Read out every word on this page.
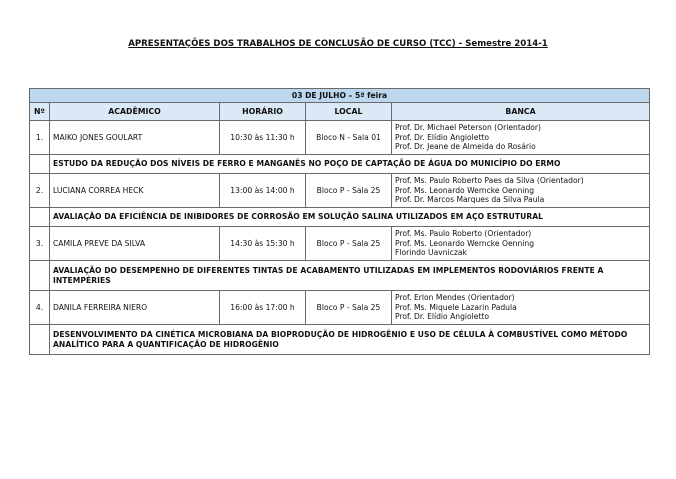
APRESENTAÇÕES DOS TRABALHOS DE CONCLUSÃO DE CURSO (TCC) - Semestre 2014-1
03 DE JULHO – 5ª feira				
Nº	ACADÊMICO	HORÁRIO	LOCAL	BANCA
1.	MAIKO JONES GOULART	10:30 às 11:30 h	Bloco N - Sala 01	Prof. Dr. Michael Peterson (Orientador)
Prof. Dr. Elídio Angioletto
Prof. Dr. Jeane de Almeida do Rosário

	ESTUDO DA REDUÇÃO DOS NÍVEIS DE FERRO E MANGANÊS NO POÇO DE CAPTAÇÃO DE ÁGUA DO MUNICÍPIO DO ERMO			
2.	LUCIANA CORREA HECK	13:00 às 14:00 h	Bloco P - Sala 25	Prof. Ms. Paulo Roberto Paes da Silva (Orientador)
Prof. Ms. Leonardo Werncke Oenning
Prof. Dr. Marcos Marques da Silva Paula

	AVALIAÇÃO DA EFICIÊNCIA DE INIBIDORES DE CORROSÃO EM SOLUÇÃO SALINA UTILIZADOS EM AÇO ESTRUTURAL			
3.	CAMILA PREVE DA SILVA	14:30 às 15:30 h	Bloco P - Sala 25	Prof. Ms. Paulo Roberto (Orientador)
Prof. Ms. Leonardo Werncke Oenning
Florindo Uavniczak

	AVALIAÇÃO DO DESEMPENHO DE DIFERENTES TINTAS DE ACABAMENTO UTILIZADAS EM IMPLEMENTOS RODOVIÁRIOS FRENTE A INTEMPÉRIES			
4.	DANILA FERREIRA NIERO	16:00 às 17:00 h	Bloco P - Sala 25	Prof. Erlon Mendes (Orientador)
Prof. Ms. Miquele Lazarin Padula
Prof. Dr. Elídio Angioletto

	DESENVOLVIMENTO DA CINÉTICA MICROBIANA DA BIOPRODUÇÃO DE HIDROGÊNIO E USO DE CÉLULA À COMBUSTÍVEL COMO MÉTODO ANALÍTICO PARA A QUANTIFICAÇÃO DE HIDROGÊNIO			
